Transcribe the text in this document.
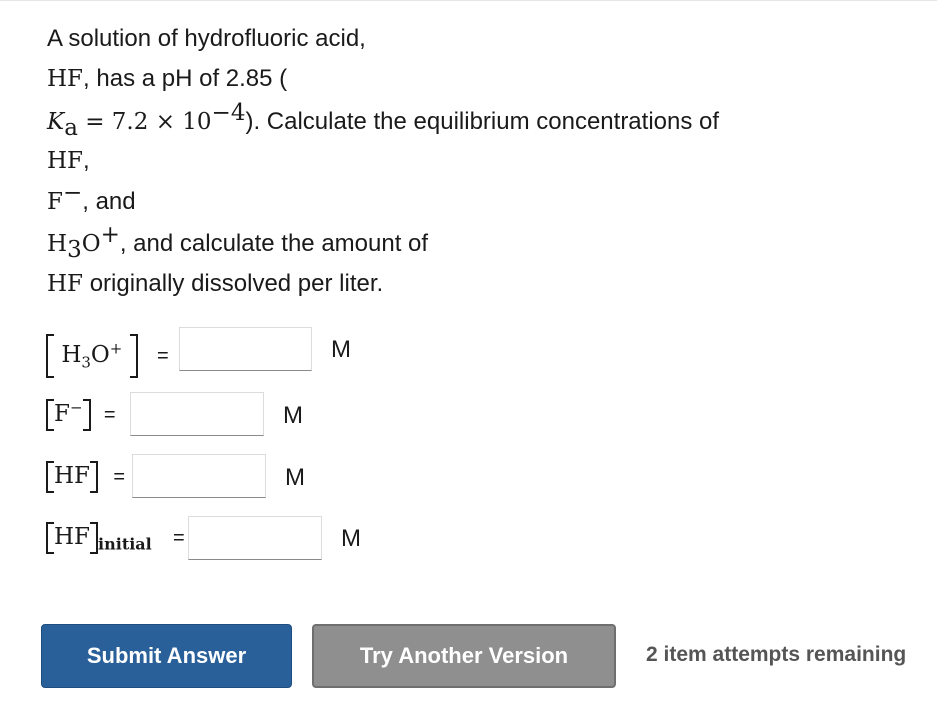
A solution of hydrofluoric acid,
HF, has a pH of 2.85 (
$K_a = 7.2 \times 10^{-4}$). Calculate the equilibrium concentrations of
HF,
F−, and
$H_3O^+$, and calculate the amount of
HF originally dissolved per liter.
$H_3O^+$ =	M
F− =	M
HF =	M
HF $_{initial}$ =	M
Submit Answer	Try Another Version	2 item attempts remaining
